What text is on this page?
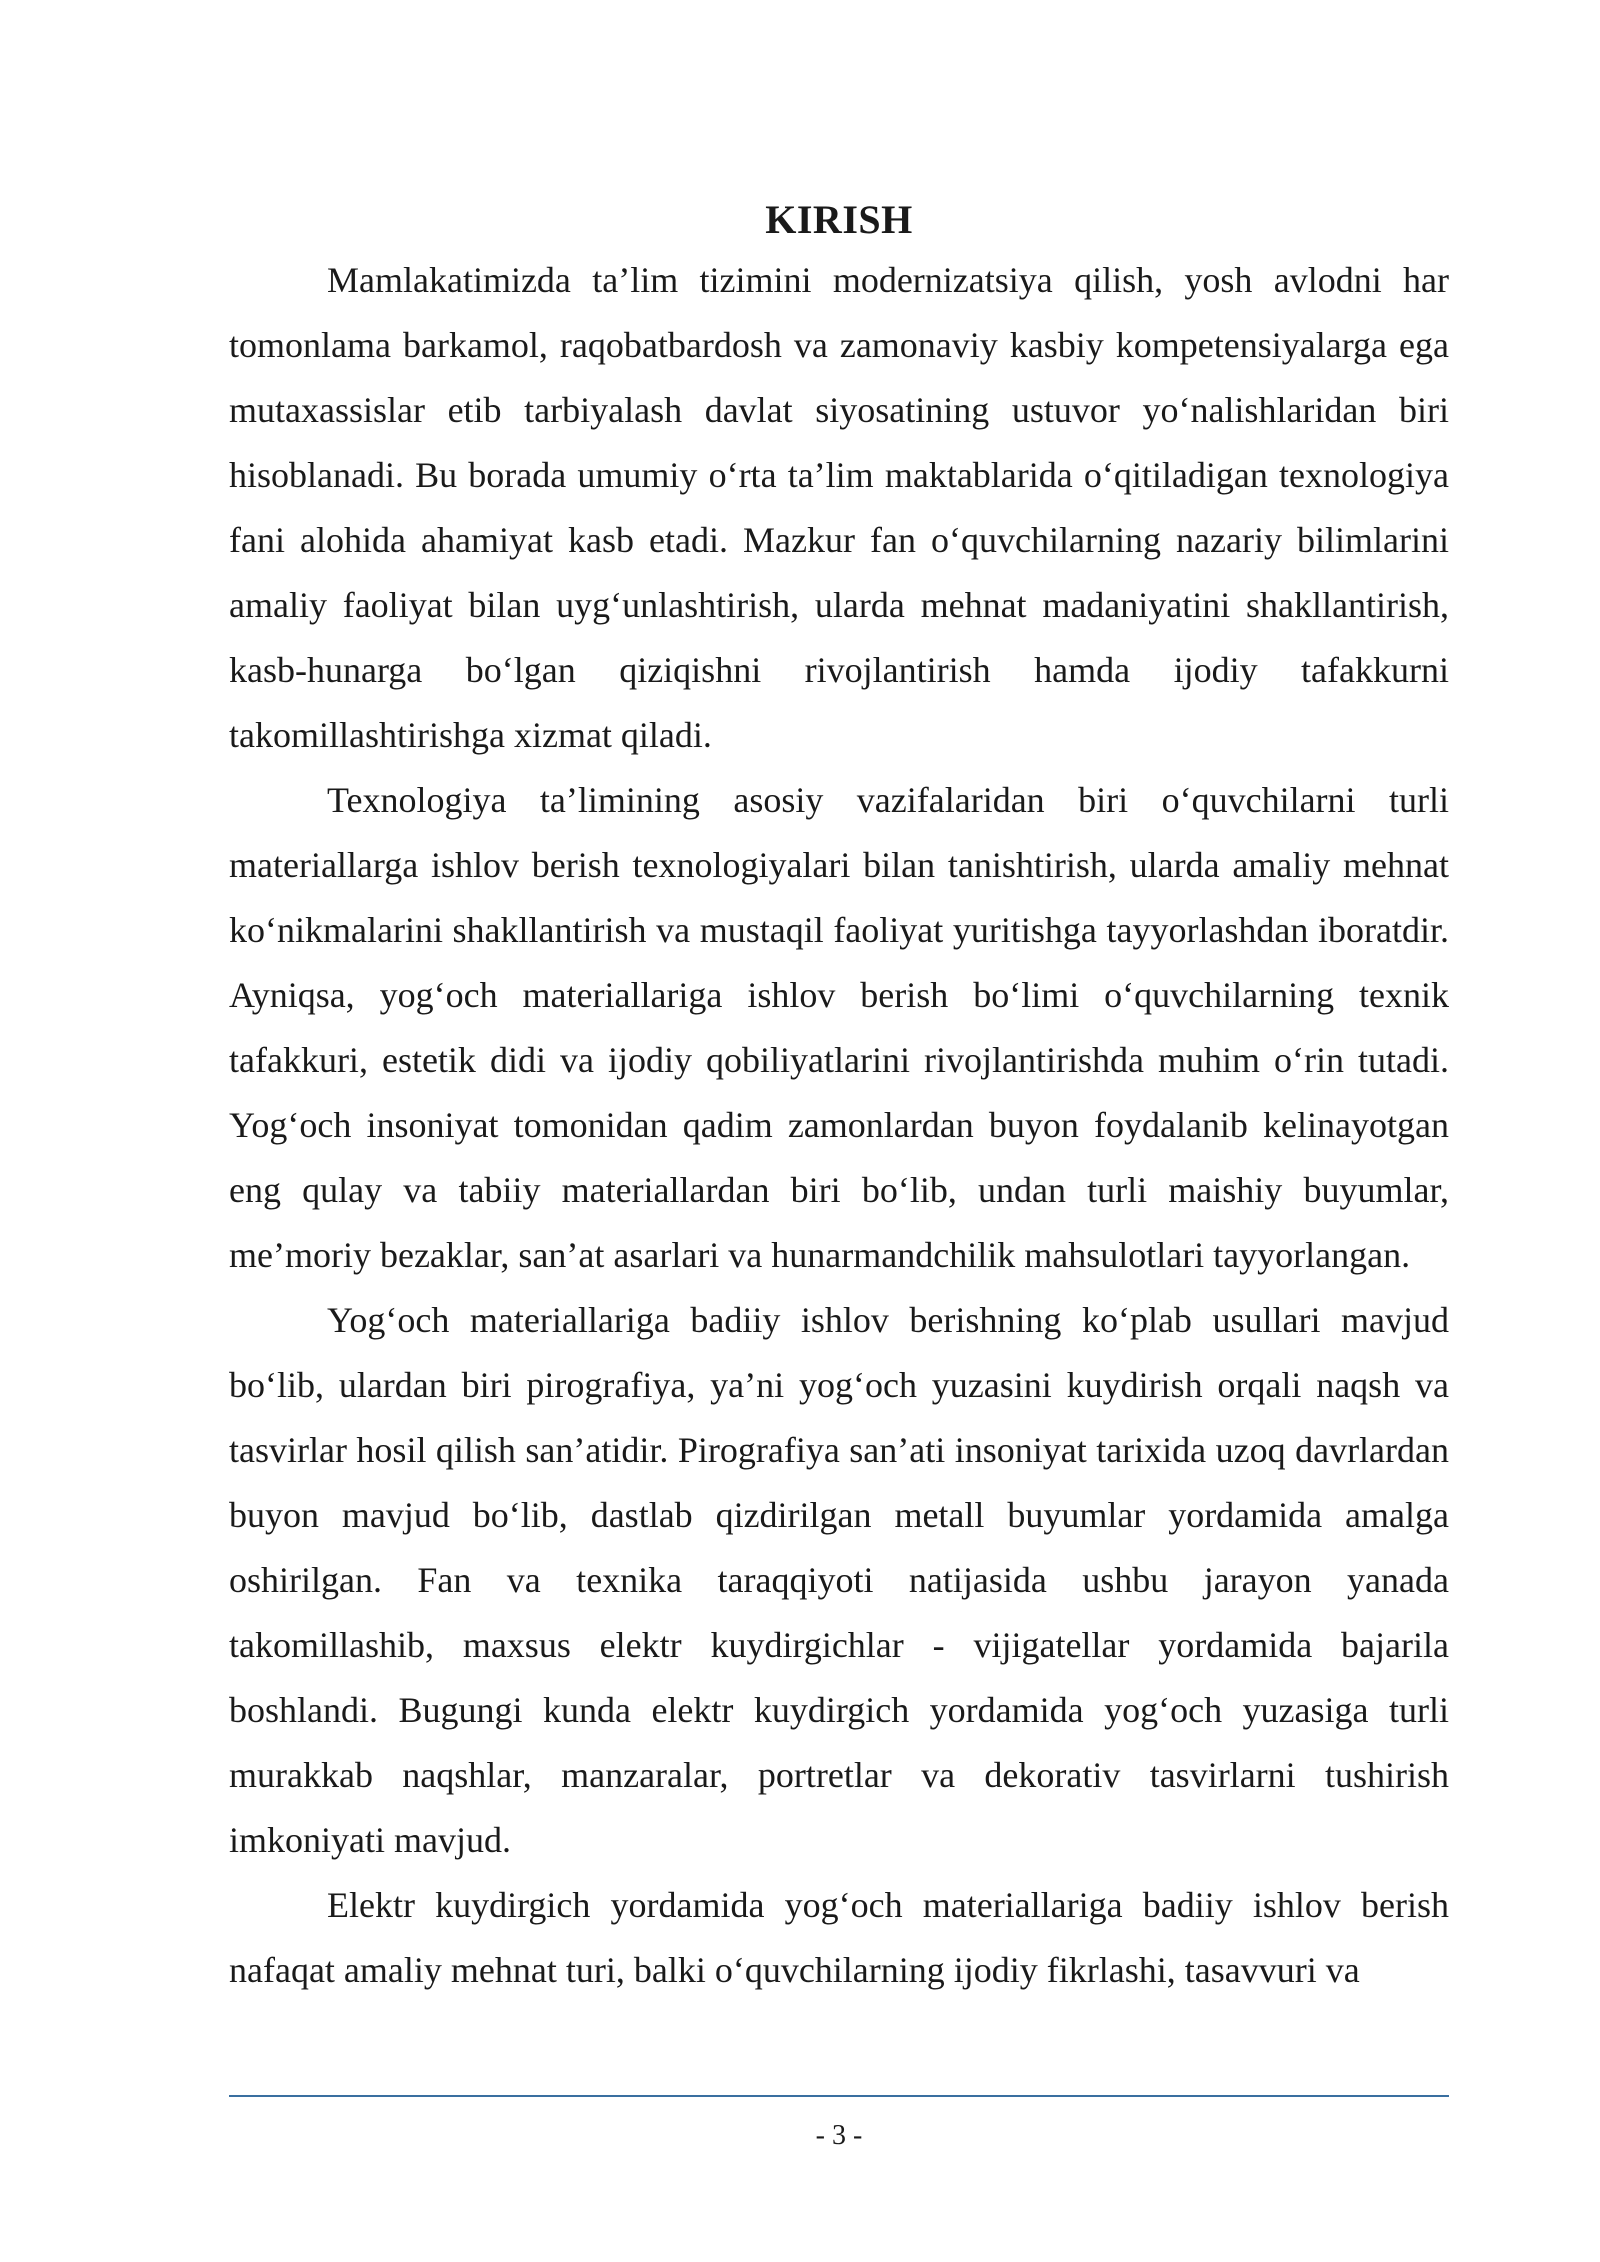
KIRISH

Mamlakatimizda ta’lim tizimini modernizatsiya qilish, yosh avlodni har tomonlama barkamol, raqobatbardosh va zamonaviy kasbiy kompetensiyalarga ega mutaxassislar etib tarbiyalash davlat siyosatining ustuvor yo‘nalishlaridan biri hisoblanadi. Bu borada umumiy o‘rta ta’lim maktablarida o‘qitiladigan texnologiya fani alohida ahamiyat kasb etadi. Mazkur fan o‘quvchilarning nazariy bilimlarini amaliy faoliyat bilan uyg‘unlashtirish, ularda mehnat madaniyatini shakllantirish, kasb-hunarga bo‘lgan qiziqishni rivojlantirish hamda ijodiy tafakkurni takomillashtirishga xizmat qiladi.

Texnologiya ta’limining asosiy vazifalaridan biri o‘quvchilarni turli materiallarga ishlov berish texnologiyalari bilan tanishtirish, ularda amaliy mehnat ko‘nikmalarini shakllantirish va mustaqil faoliyat yuritishga tayyorlashdan iboratdir. Ayniqsa, yog‘och materiallariga ishlov berish bo‘limi o‘quvchilarning texnik tafakkuri, estetik didi va ijodiy qobiliyatlarini rivojlantirishda muhim o‘rin tutadi. Yog‘och insoniyat tomonidan qadim zamonlardan buyon foydalanib kelinayotgan eng qulay va tabiiy materiallardan biri bo‘lib, undan turli maishiy buyumlar, me’moriy bezaklar, san’at asarlari va hunarmandchilik mahsulotlari tayyorlangan.

Yog‘och materiallariga badiiy ishlov berishning ko‘plab usullari mavjud bo‘lib, ulardan biri pirografiya, ya’ni yog‘och yuzasini kuydirish orqali naqsh va tasvirlar hosil qilish san’atidir. Pirografiya san’ati insoniyat tarixida uzoq davrlardan buyon mavjud bo‘lib, dastlab qizdirilgan metall buyumlar yordamida amalga oshirilgan. Fan va texnika taraqqiyoti natijasida ushbu jarayon yanada takomillashib, maxsus elektr kuydirgichlar - vijigatellar yordamida bajarila boshlandi. Bugungi kunda elektr kuydirgich yordamida yog‘och yuzasiga turli murakkab naqshlar, manzaralar, portretlar va dekorativ tasvirlarni tushirish imkoniyati mavjud.

Elektr kuydirgich yordamida yog‘och materiallariga badiiy ishlov berish nafaqat amaliy mehnat turi, balki o‘quvchilarning ijodiy fikrlashi, tasavvuri va

- 3 -
